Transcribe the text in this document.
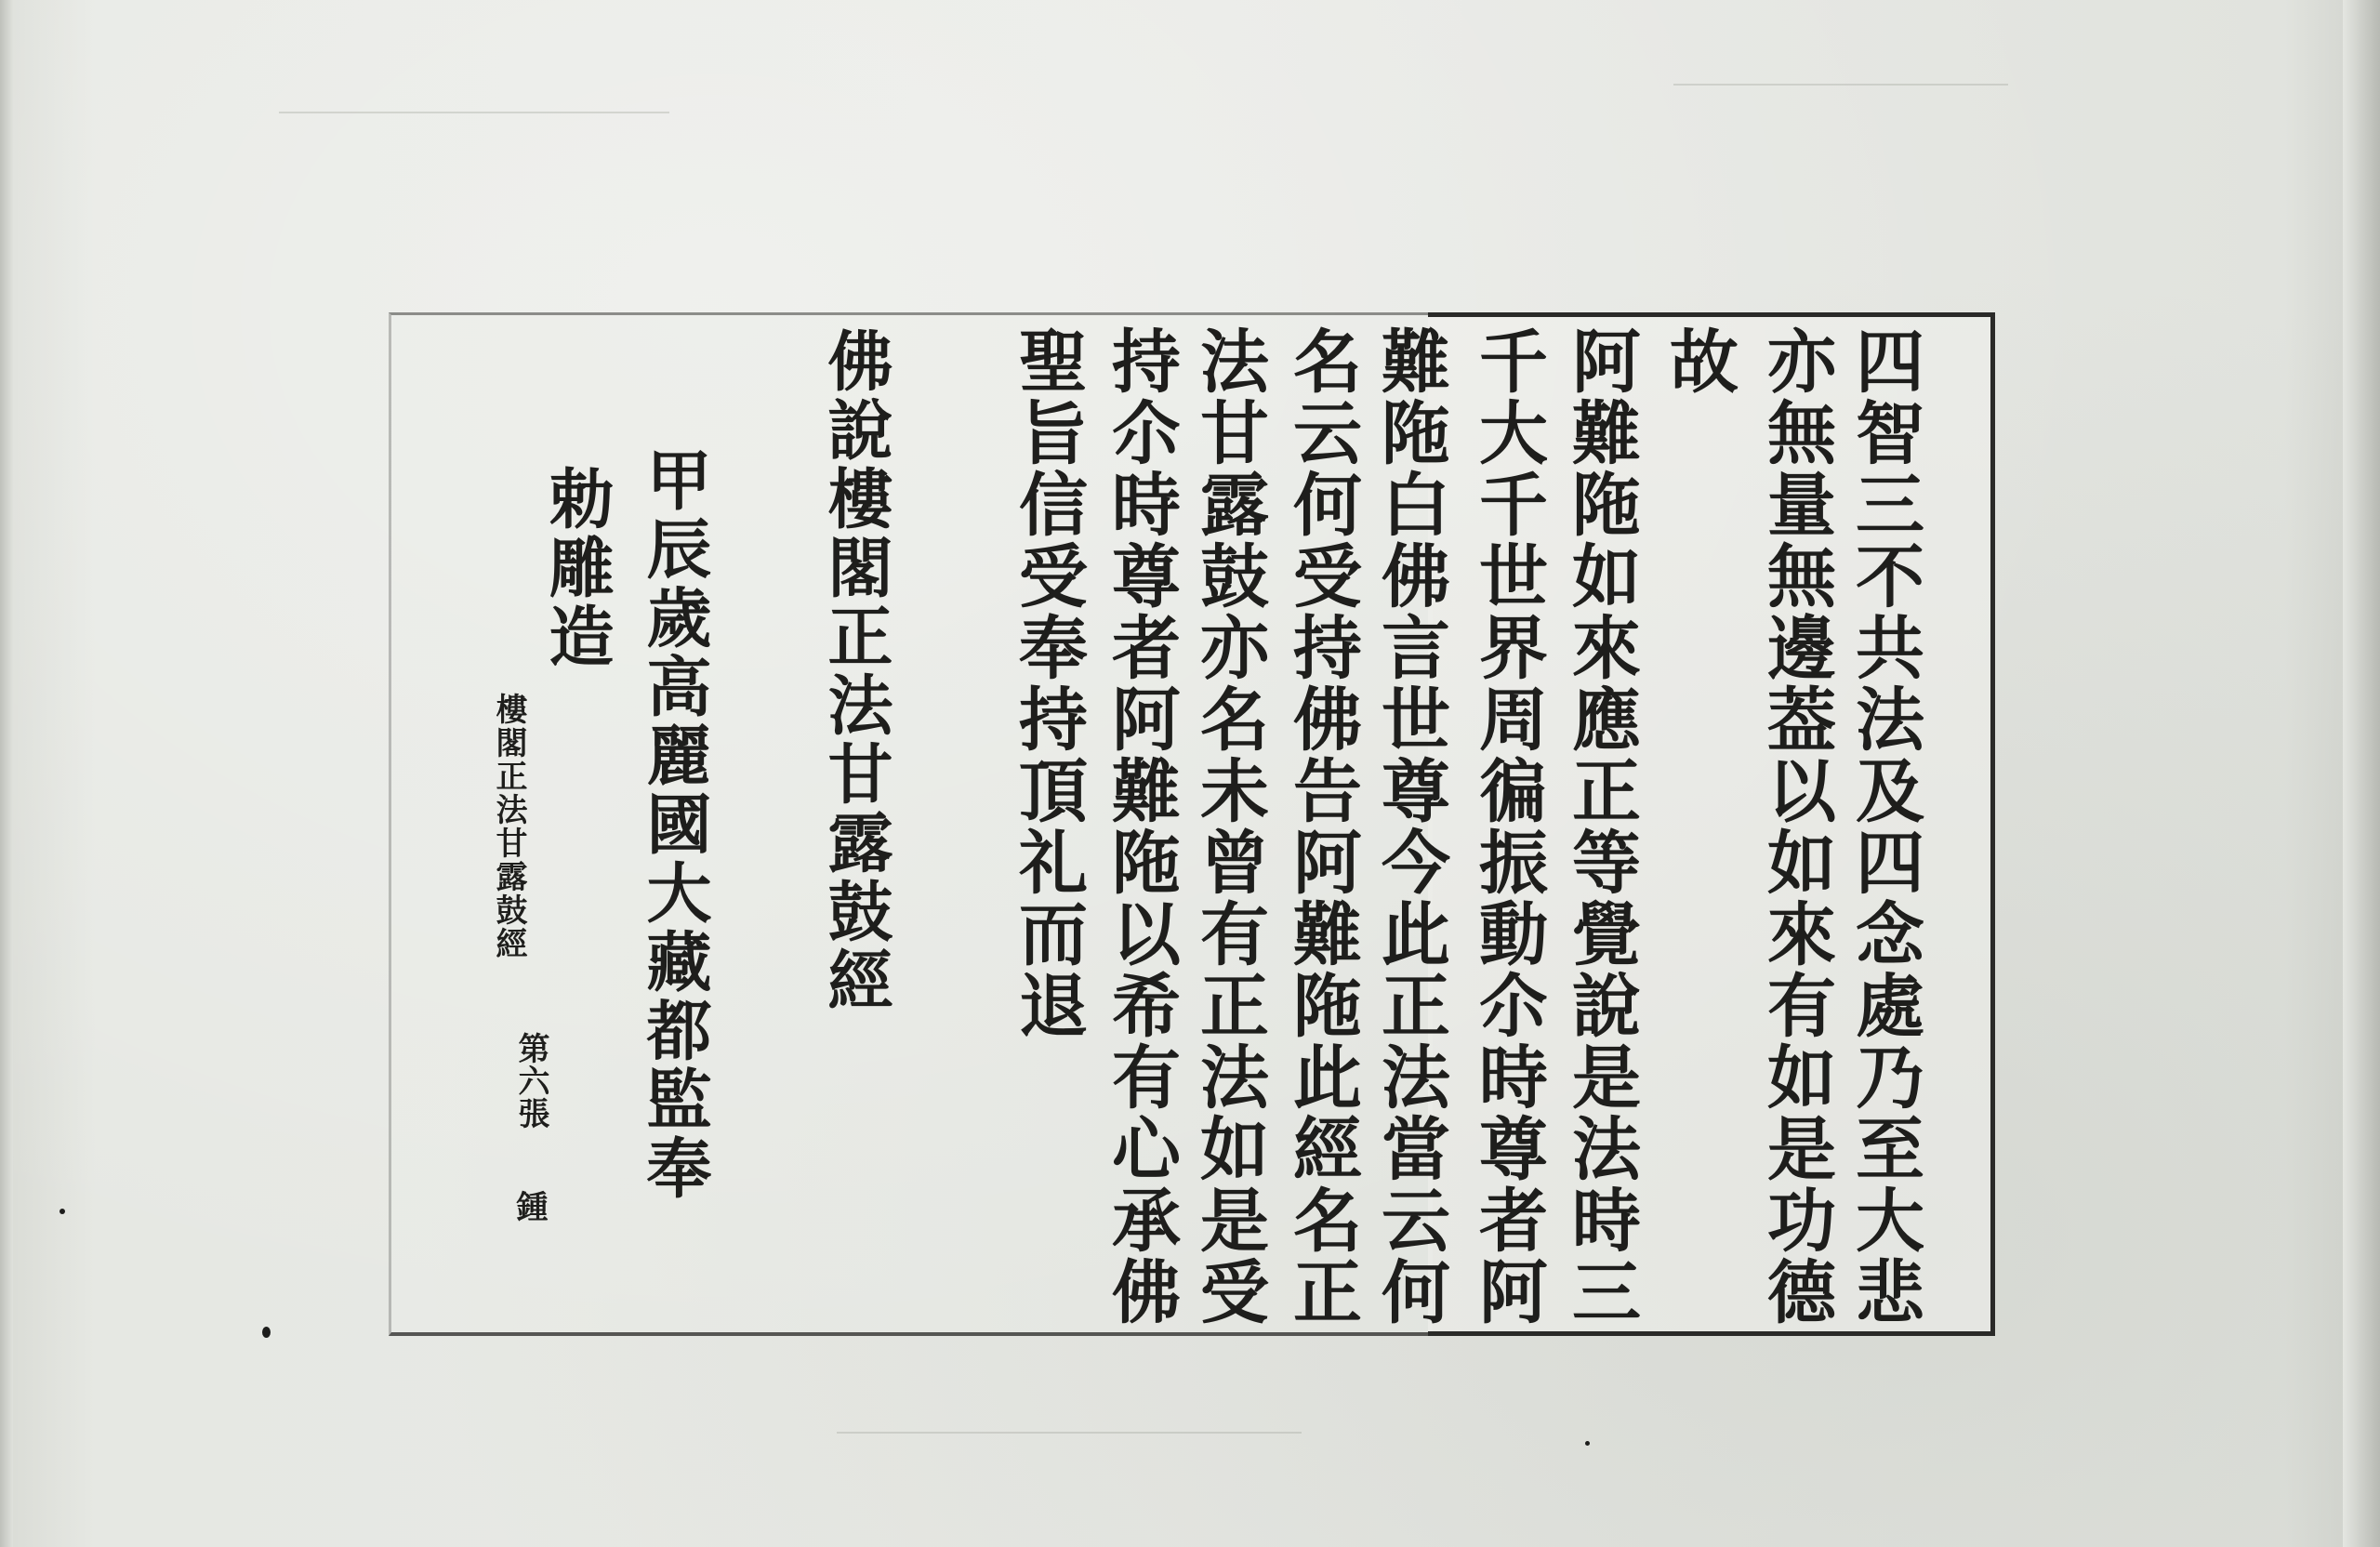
四智三不共法及四念處乃至大悲
亦無量無邊葢以如來有如是功德
故
阿難陁如來應正等覺說是法時三
千大千世界周徧振動尒時尊者阿
難陁白佛言世尊今此正法當云何
名云何受持佛告阿難陁此經名正
法甘露鼓亦名未曾有正法如是受
持尒時尊者阿難陁以希有心承佛
聖旨信受奉持頂礼而退
佛說樓閣正法甘露鼓經
甲辰歲高麗國大藏都監奉
勅雕造
樓閣正法甘露鼓經
第六張
鍾
